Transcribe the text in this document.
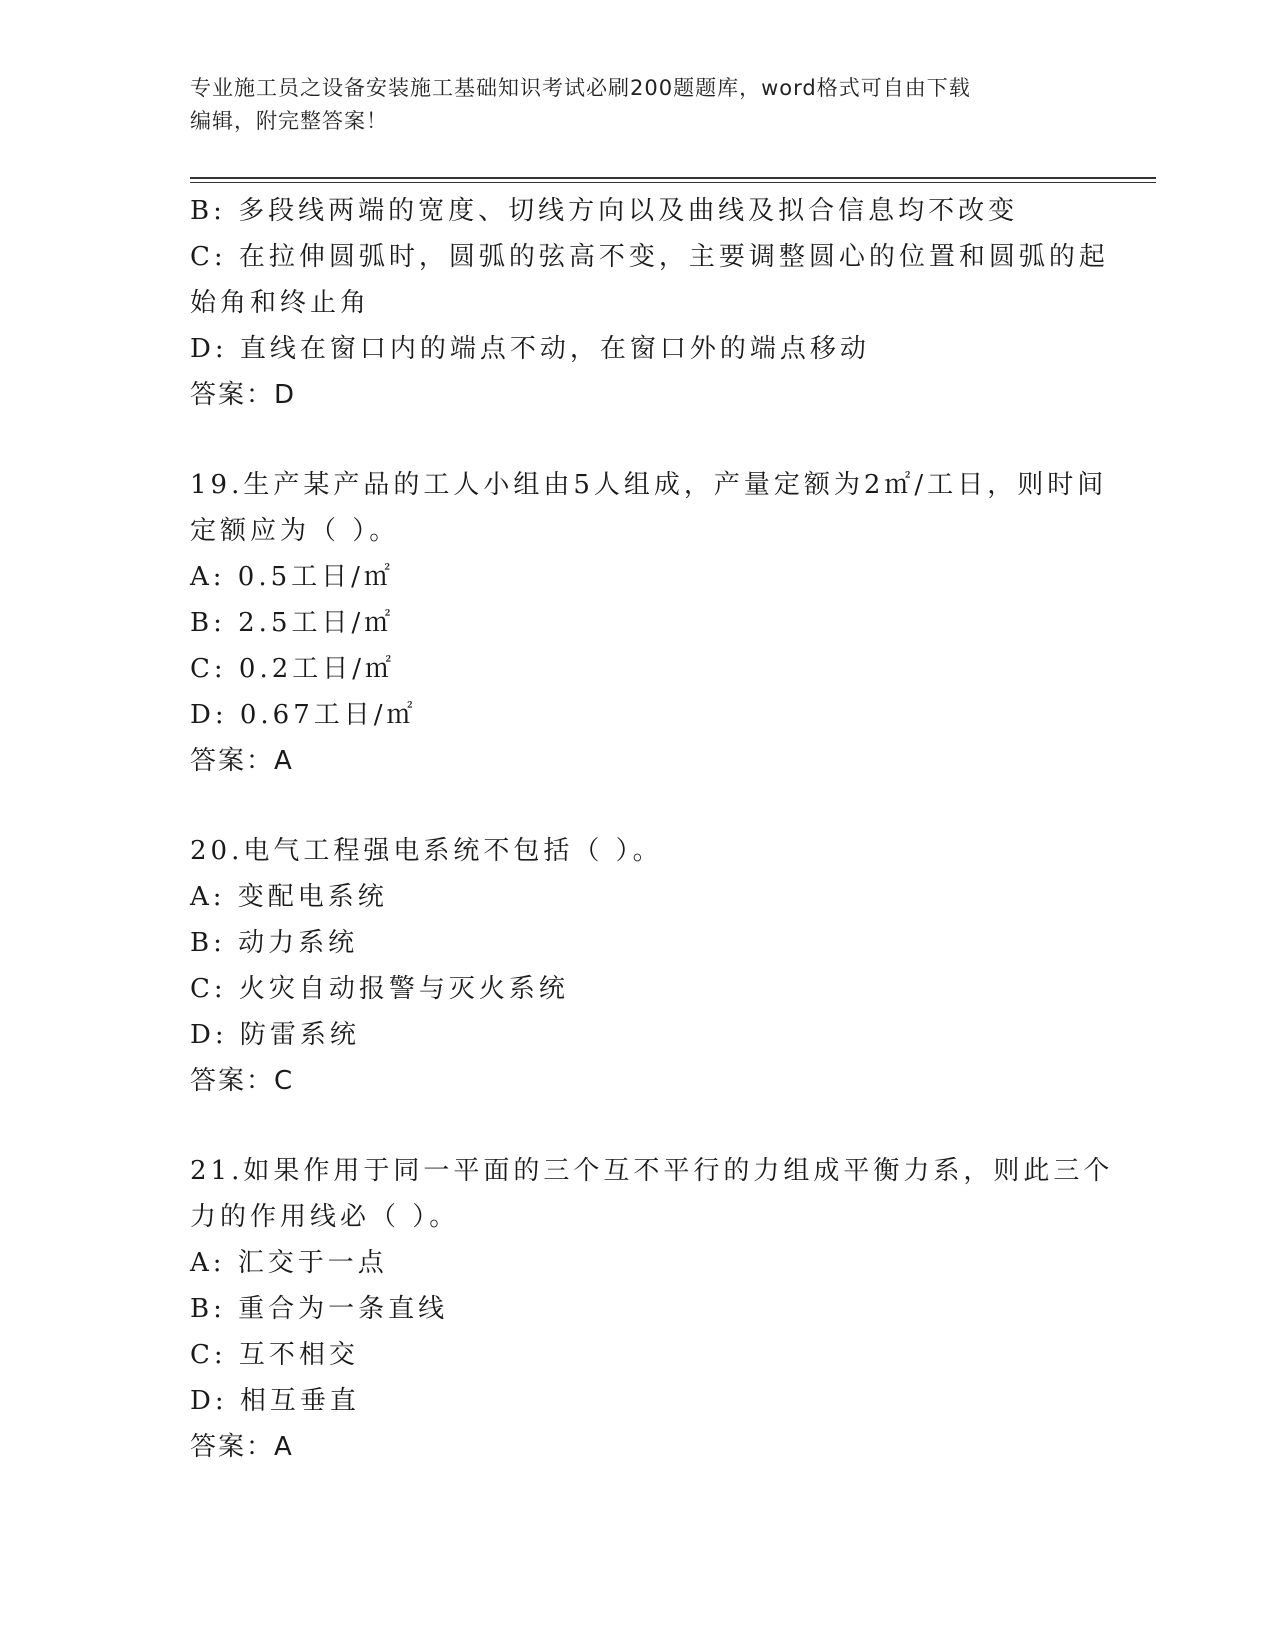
专业施工员之设备安装施工基础知识考试必刷200题题库，word格式可自由下载
编辑，附完整答案！
B: 多段线两端的宽度、切线方向以及曲线及拟合信息均不改变
C: 在拉伸圆弧时，圆弧的弦高不变，主要调整圆心的位置和圆弧的起
始角和终止角
D: 直线在窗口内的端点不动，在窗口外的端点移动
答案：D
19.生产某产品的工人小组由5人组成，产量定额为2㎡/工日，则时间
定额应为（ ）。
A: 0.5工日/㎡
B: 2.5工日/㎡
C: 0.2工日/㎡
D: 0.67工日/㎡
答案：A
20.电气工程强电系统不包括（ ）。
A: 变配电系统
B: 动力系统
C: 火灾自动报警与灭火系统
D: 防雷系统
答案：C
21.如果作用于同一平面的三个互不平行的力组成平衡力系，则此三个
力的作用线必（ ）。
A: 汇交于一点
B: 重合为一条直线
C: 互不相交
D: 相互垂直
答案：A
